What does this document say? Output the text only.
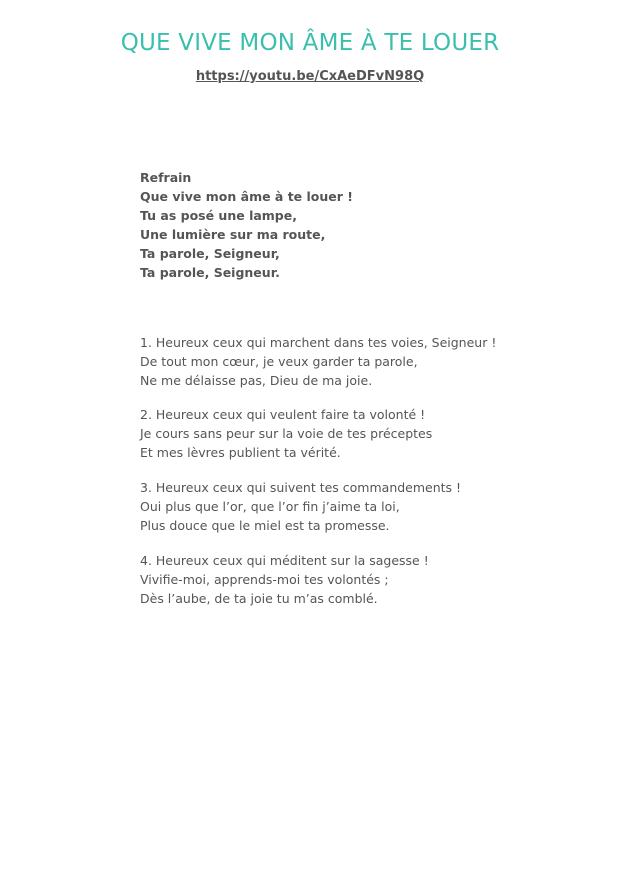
QUE VIVE MON ÂME À TE LOUER
https://youtu.be/CxAeDFvN98Q
Refrain
Que vive mon âme à te louer !
Tu as posé une lampe,
Une lumière sur ma route,
Ta parole, Seigneur,
Ta parole, Seigneur.
1. Heureux ceux qui marchent dans tes voies, Seigneur !
De tout mon cœur, je veux garder ta parole,
Ne me délaisse pas, Dieu de ma joie.
2. Heureux ceux qui veulent faire ta volonté !
Je cours sans peur sur la voie de tes préceptes
Et mes lèvres publient ta vérité.
3. Heureux ceux qui suivent tes commandements !
Oui plus que l’or, que l’or fin j’aime ta loi,
Plus douce que le miel est ta promesse.
4. Heureux ceux qui méditent sur la sagesse !
Vivifie-moi, apprends-moi tes volontés ;
Dès l’aube, de ta joie tu m’as comblé.
